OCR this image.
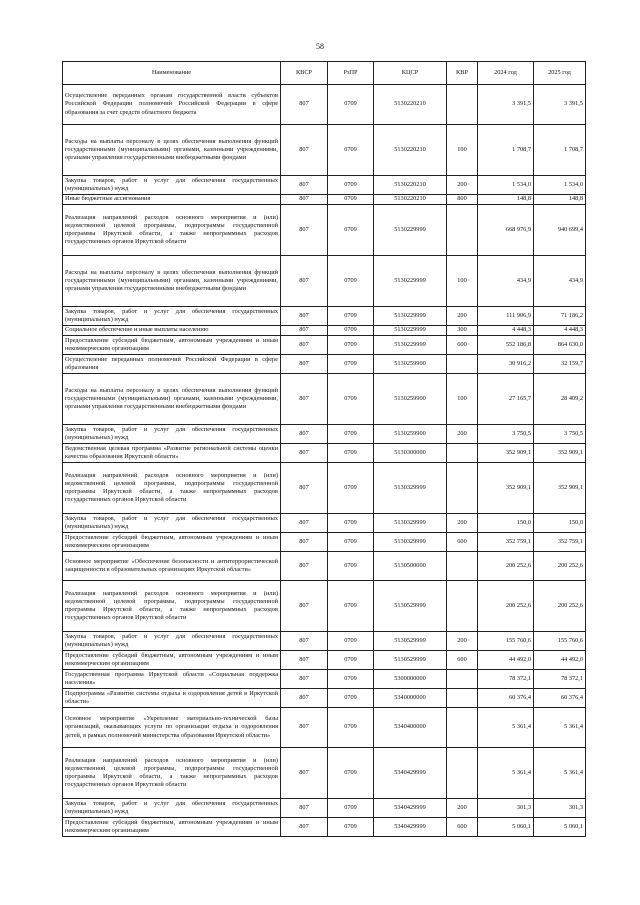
58
Наименование	КВСР	РзПР	КЦСР	КВР	2024 год	2025 год
Осуществление переданных органам государственной власти субъектов Российской Федерации полномочий Российской Федерации в сфере образования за счет средств областного бюджета	807	0709	5130220210		3 391,5	3 391,5
Расходы на выплаты персоналу в целях обеспечения выполнения функций государственными (муниципальными) органами, казенными учреждениями, органами управления государственными внебюджетными фондами	807	0709	5130220210	100	1 708,7	1 708,7
Закупка товаров, работ и услуг для обеспечения государственных (муниципальных) нужд	807	0709	5130220210	200	1 534,0	1 534,0
Иные бюджетные ассигнования	807	0709	5130220210	800	148,8	148,8
Реализация направлений расходов основного мероприятия и (или) ведомственной целевой программы, подпрограммы государственной программы Иркутской области, а также непрограммных расходов государственных органов Иркутской области	807	0709	5130229999		668 976,9	940 699,4
Расходы на выплаты персоналу в целях обеспечения выполнения функций государственными (муниципальными) органами, казенными учреждениями, органами управления государственными внебюджетными фондами	807	0709	5130229999	100	434,9	434,9
Закупка товаров, работ и услуг для обеспечения государственных (муниципальных) нужд	807	0709	5130229999	200	111 906,9	71 186,2
Социальное обеспечение и иные выплаты населению	807	0709	5130229999	300	4 448,3	4 448,3
Предоставление субсидий бюджетным, автономным учреждениям и иным некоммерческим организациям	807	0709	5130229999	600	552 186,8	864 630,0
Осуществление переданных полномочий Российской Федерации в сфере образования	807	0709	5130259900		30 916,2	32 159,7
Расходы на выплаты персоналу в целях обеспечения выполнения функций государственными (муниципальными) органами, казенными учреждениями, органами управления государственными внебюджетными фондами	807	0709	5130259900	100	27 165,7	28 409,2
Закупка товаров, работ и услуг для обеспечения государственных (муниципальных) нужд	807	0709	5130259900	200	3 750,5	3 750,5
Ведомственная целевая программа «Развитие региональной системы оценки качества образования Иркутской области»	807	0709	5130300000		352 909,1	352 909,1
Реализация направлений расходов основного мероприятия и (или) ведомственной целевой программы, подпрограммы государственной программы Иркутской области, а также непрограммных расходов государственных органов Иркутской области	807	0709	5130329999		352 909,1	352 909,1
Закупка товаров, работ и услуг для обеспечения государственных (муниципальных) нужд	807	0709	5130329999	200	150,0	150,0
Предоставление субсидий бюджетным, автономным учреждениям и иным некоммерческим организациям	807	0709	5130329999	600	352 759,1	352 759,1
Основное мероприятие «Обеспечение безопасности и антитеррористической защищенности в образовательных организациях Иркутской области»	807	0709	5130500000		200 252,6	200 252,6
Реализация направлений расходов основного мероприятия и (или) ведомственной целевой программы, подпрограммы государственной программы Иркутской области, а также непрограммных расходов государственных органов Иркутской области	807	0709	5130529999		200 252,6	200 252,6
Закупка товаров, работ и услуг для обеспечения государственных (муниципальных) нужд	807	0709	5130529999	200	155 760,6	155 760,6
Предоставление субсидий бюджетным, автономным учреждениям и иным некоммерческим организациям	807	0709	5130529999	600	44 492,0	44 492,0
Государственная программа Иркутской области «Социальная поддержка населения»	807	0709	5300000000		78 372,1	78 372,1
Подпрограмма «Развитие системы отдыха и оздоровления детей в Иркутской области»	807	0709	5340000000		60 376,4	60 376,4
Основное мероприятие «Укрепление материально-технической базы организаций, оказывающих услуги по организации отдыха и оздоровления детей, в рамках полномочий министерства образования Иркутской области»	807	0709	5340400000		5 361,4	5 361,4
Реализация направлений расходов основного мероприятия и (или) ведомственной целевой программы, подпрограммы государственной программы Иркутской области, а также непрограммных расходов государственных органов Иркутской области	807	0709	5340429999		5 361,4	5 361,4
Закупка товаров, работ и услуг для обеспечения государственных (муниципальных) нужд	807	0709	5340429999	200	301,3	301,3
Предоставление субсидий бюджетным, автономным учреждениям и иным некоммерческим организациям	807	0709	5340429999	600	5 060,1	5 060,1
